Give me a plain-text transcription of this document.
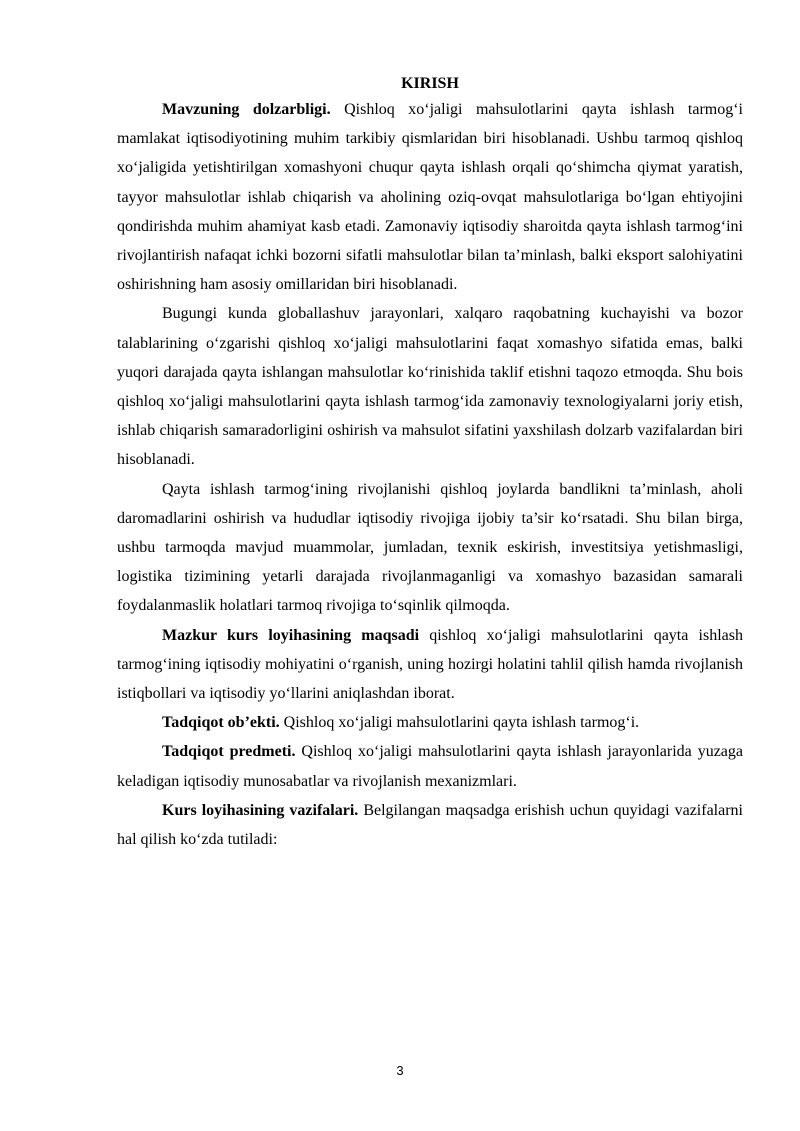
KIRISH

Mavzuning dolzarbligi. Qishloq xo‘jaligi mahsulotlarini qayta ishlash tarmog‘i mamlakat iqtisodiyotining muhim tarkibiy qismlaridan biri hisoblanadi. Ushbu tarmoq qishloq xo‘jaligida yetishtirilgan xomashyoni chuqur qayta ishlash orqali qo‘shimcha qiymat yaratish, tayyor mahsulotlar ishlab chiqarish va aholining oziq-ovqat mahsulotlariga bo‘lgan ehtiyojini qondirishda muhim ahamiyat kasb etadi. Zamonaviy iqtisodiy sharoitda qayta ishlash tarmog‘ini rivojlantirish nafaqat ichki bozorni sifatli mahsulotlar bilan ta’minlash, balki eksport salohiyatini oshirishning ham asosiy omillaridan biri hisoblanadi.

Bugungi kunda globallashuv jarayonlari, xalqaro raqobatning kuchayishi va bozor talablarining o‘zgarishi qishloq xo‘jaligi mahsulotlarini faqat xomashyo sifatida emas, balki yuqori darajada qayta ishlangan mahsulotlar ko‘rinishida taklif etishni taqozo etmoqda. Shu bois qishloq xo‘jaligi mahsulotlarini qayta ishlash tarmog‘ida zamonaviy texnologiyalarni joriy etish, ishlab chiqarish samaradorligini oshirish va mahsulot sifatini yaxshilash dolzarb vazifalardan biri hisoblanadi.

Qayta ishlash tarmog‘ining rivojlanishi qishloq joylarda bandlikni ta’minlash, aholi daromadlarini oshirish va hududlar iqtisodiy rivojiga ijobiy ta’sir ko‘rsatadi. Shu bilan birga, ushbu tarmoqda mavjud muammolar, jumladan, texnik eskirish, investitsiya yetishmasligi, logistika tizimining yetarli darajada rivojlanmaganligi va xomashyo bazasidan samarali foydalanmaslik holatlari tarmoq rivojiga to‘sqinlik qilmoqda.

Mazkur kurs loyihasining maqsadi qishloq xo‘jaligi mahsulotlarini qayta ishlash tarmog‘ining iqtisodiy mohiyatini o‘rganish, uning hozirgi holatini tahlil qilish hamda rivojlanish istiqbollari va iqtisodiy yo‘llarini aniqlashdan iborat.

Tadqiqot ob’ekti. Qishloq xo‘jaligi mahsulotlarini qayta ishlash tarmog‘i.

Tadqiqot predmeti. Qishloq xo‘jaligi mahsulotlarini qayta ishlash jarayonlarida yuzaga keladigan iqtisodiy munosabatlar va rivojlanish mexanizmlari.

Kurs loyihasining vazifalari. Belgilangan maqsadga erishish uchun quyidagi vazifalarni hal qilish ko‘zda tutiladi:

3
